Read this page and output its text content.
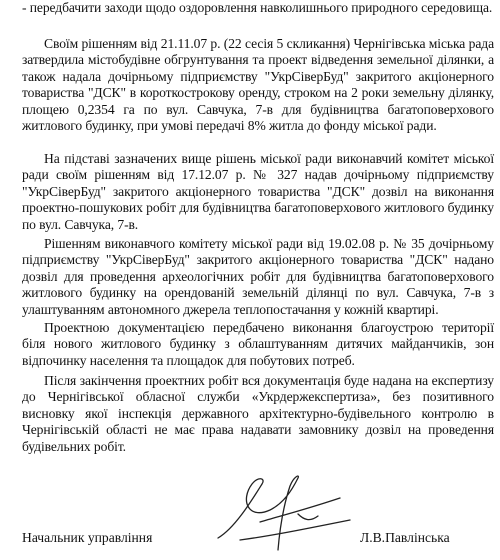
- передбачити заходи щодо оздоровлення навколишнього природного середовища.

Своїм рішенням від 21.11.07 р. (22 сесія 5 скликання) Чернігівська міська рада затвердила містобудівне обгрунтування та проект відведення земельної ділянки, а також надала дочірньому підприємству "УкрСіверБуд" закритого акціонерного товариства "ДСК" в короткострокову оренду, строком на 2 роки земельну ділянку, площею 0,2354 га по вул. Савчука, 7-в для будівництва багатоповерхового житлового будинку, при умові передачі 8% житла до фонду міської ради.

На підставі зазначених вище рішень міської ради виконавчий комітет міської ради своїм рішенням від 17.12.07 р. № 327 надав дочірньому підприємству "УкрСіверБуд" закритого акціонерного товариства "ДСК" дозвіл на виконання проектно-пошукових робіт для будівництва багатоповерхового житлового будинку по вул. Савчука, 7-в.

Рішенням виконавчого комітету міської ради від 19.02.08 р. № 35 дочірньому підприємству "УкрСіверБуд" закритого акціонерного товариства "ДСК" надано дозвіл для проведення археологічних робіт для будівництва багатоповерхового житлового будинку на орендованій земельній ділянці по вул. Савчука, 7-в з улаштуванням автономного джерела теплопостачання у кожній квартирі.

Проектною документацією передбачено виконання благоустрою території біля нового житлового будинку з облаштуванням дитячих майданчиків, зон відпочинку населення та площадок для побутових потреб.

Після закінчення проектних робіт вся документація буде надана на експертизу до Чернігівської обласної служби «Укрдержекспертиза», без позитивного висновку якої інспекція державного архітектурно-будівельного контролю в Чернігівській області не має права надавати замовнику дозвіл на проведення будівельних робіт.

Начальник управління	Л.В.Павлінська
